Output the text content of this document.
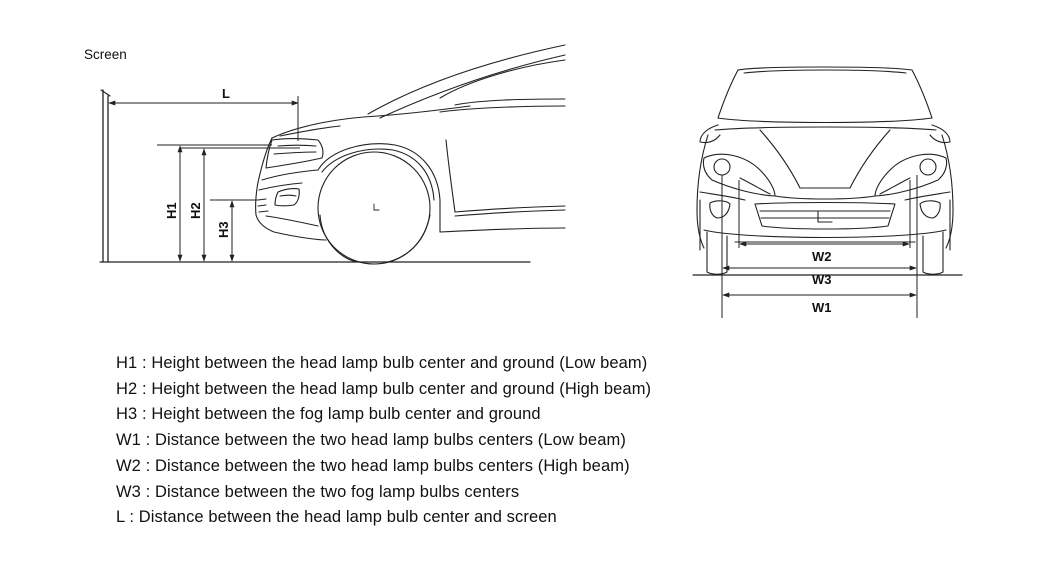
Screen
L
H1 H2
H3
W2
W3
W1
H1 : Height between the head lamp bulb center and ground (Low beam)
H2 : Height between the head lamp bulb center and ground (High beam)
H3 : Height between the fog lamp bulb center and ground
W1 : Distance between the two head lamp bulbs centers (Low beam)
W2 : Distance between the two head lamp bulbs centers (High beam)
W3 : Distance between the two fog lamp bulbs centers
L : Distance between the head lamp bulb center and screen
